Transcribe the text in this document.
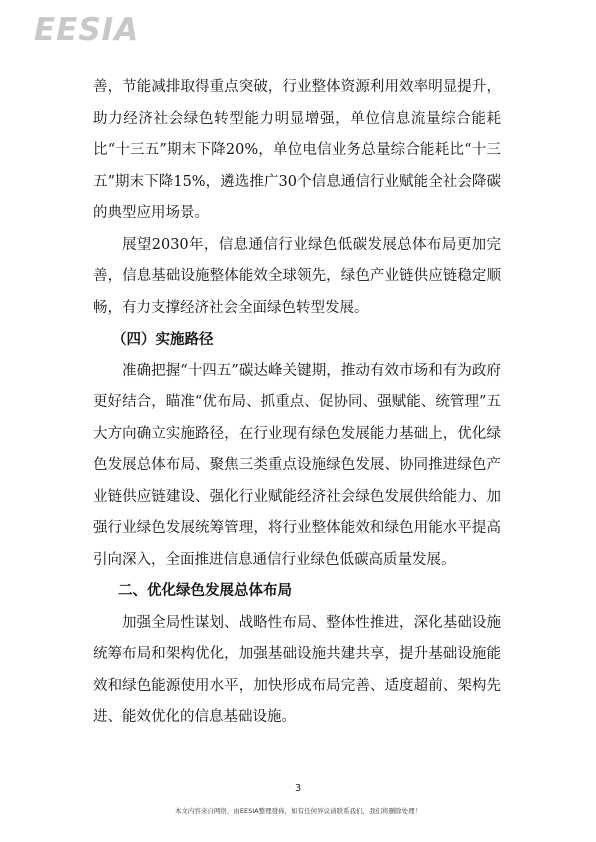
EESIA

善，节能减排取得重点突破，行业整体资源利用效率明显提升，助力经济社会绿色转型能力明显增强，单位信息流量综合能耗比“十三五”期末下降20%，单位电信业务总量综合能耗比“十三五”期末下降15%，遴选推广30个信息通信行业赋能全社会降碳的典型应用场景。

展望2030年，信息通信行业绿色低碳发展总体布局更加完善，信息基础设施整体能效全球领先，绿色产业链供应链稳定顺畅，有力支撑经济社会全面绿色转型发展。

（四）实施路径

准确把握“十四五”碳达峰关键期，推动有效市场和有为政府更好结合，瞄准“优布局、抓重点、促协同、强赋能、统管理”五大方向确立实施路径，在行业现有绿色发展能力基础上，优化绿色发展总体布局、聚焦三类重点设施绿色发展、协同推进绿色产业链供应链建设、强化行业赋能经济社会绿色发展供给能力、加强行业绿色发展统筹管理，将行业整体能效和绿色用能水平提高引向深入，全面推进信息通信行业绿色低碳高质量发展。

二、优化绿色发展总体布局

加强全局性谋划、战略性布局、整体性推进，深化基础设施统筹布局和架构优化，加强基础设施共建共享，提升基础设施能效和绿色能源使用水平，加快形成布局完善、适度超前、架构先进、能效优化的信息基础设施。

3
本文内容来自网络，由EESIA整理發佈，如有任何异议请联系我们，我们将删除处理！
